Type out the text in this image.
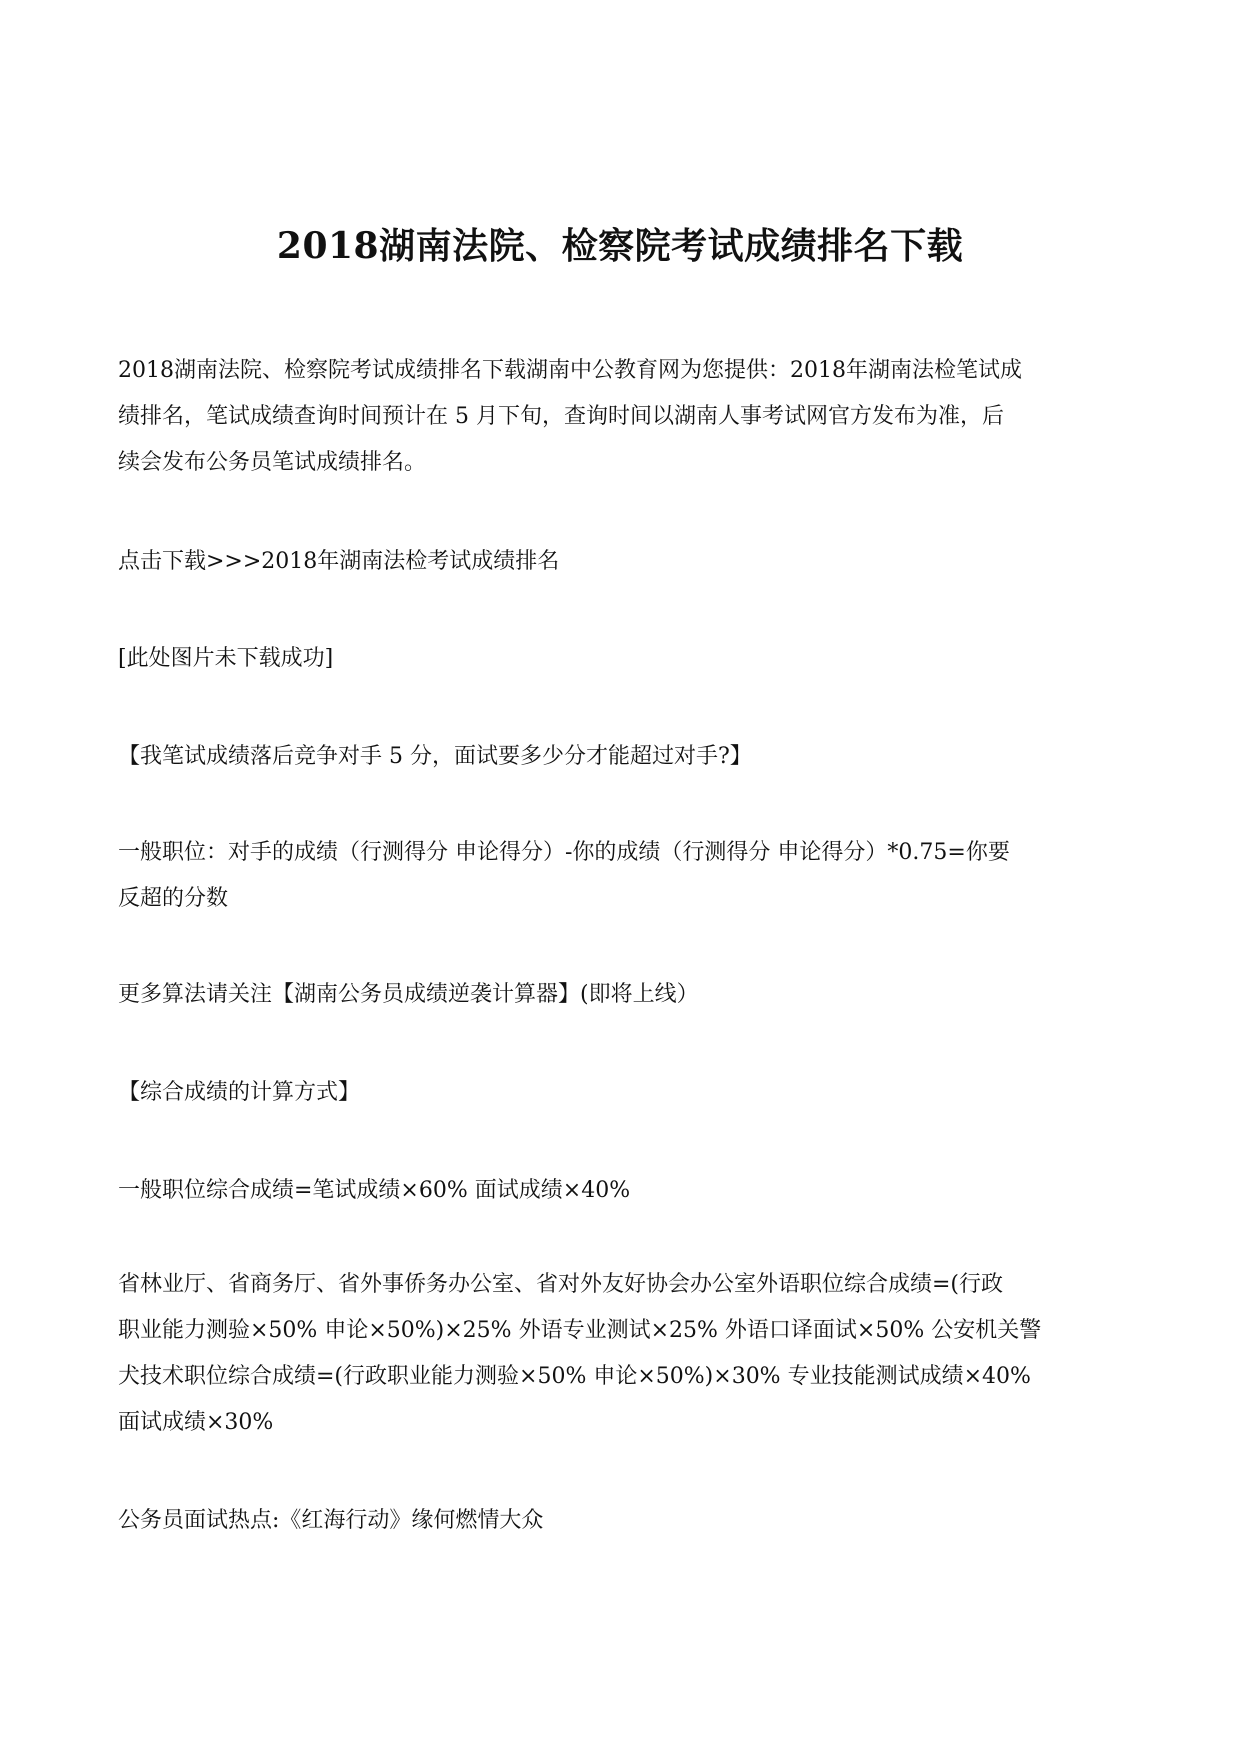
2018湖南法院、检察院考试成绩排名下载

2018湖南法院、检察院考试成绩排名下载湖南中公教育网为您提供：2018年湖南法检笔试成
绩排名，笔试成绩查询时间预计在 5 月下旬，查询时间以湖南人事考试网官方发布为准，后
续会发布公务员笔试成绩排名。

点击下载>>>2018年湖南法检考试成绩排名

[此处图片未下载成功]

【我笔试成绩落后竞争对手 5 分，面试要多少分才能超过对手?】

一般职位：对手的成绩（行测得分 申论得分）-你的成绩（行测得分 申论得分）*0.75=你要
反超的分数

更多算法请关注【湖南公务员成绩逆袭计算器】(即将上线）

【综合成绩的计算方式】

一般职位综合成绩=笔试成绩×60% 面试成绩×40%

省林业厅、省商务厅、省外事侨务办公室、省对外友好协会办公室外语职位综合成绩=(行政
职业能力测验×50% 申论×50%)×25% 外语专业测试×25% 外语口译面试×50% 公安机关警
犬技术职位综合成绩=(行政职业能力测验×50% 申论×50%)×30% 专业技能测试成绩×40%
面试成绩×30%

公务员面试热点:《红海行动》缘何燃情大众
